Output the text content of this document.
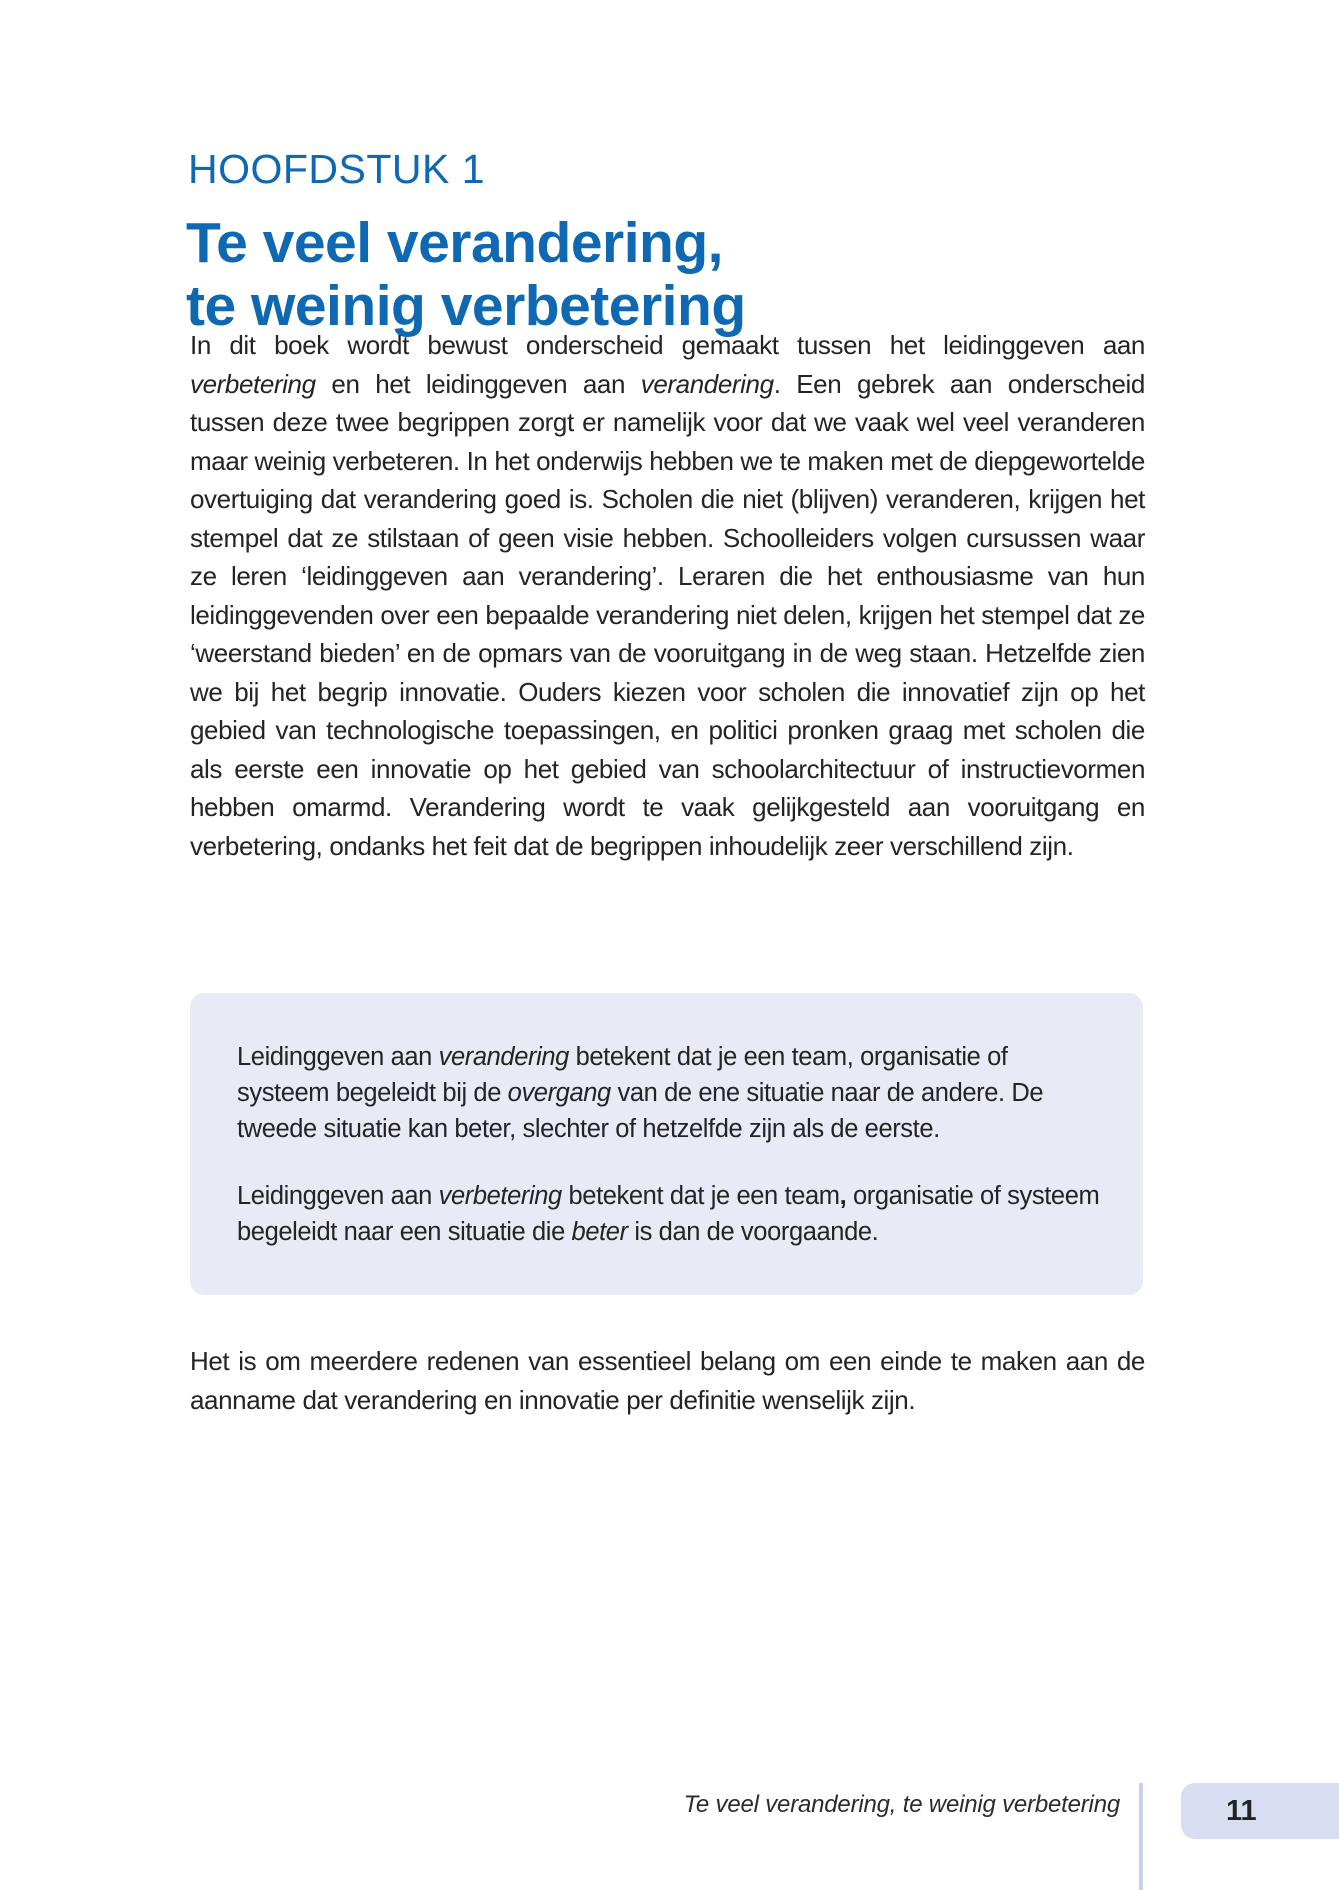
HOOFDSTUK 1
Te veel verandering,
te weinig verbetering

In dit boek wordt bewust onderscheid gemaakt tussen het leidinggeven aan verbetering en het leidinggeven aan verandering. Een gebrek aan onderscheid tussen deze twee begrippen zorgt er namelijk voor dat we vaak wel veel veranderen maar weinig verbeteren. In het onderwijs hebben we te maken met de diepgewortelde overtuiging dat verandering goed is. Scholen die niet (blijven) veranderen, krijgen het stempel dat ze stilstaan of geen visie hebben. Schoolleiders volgen cursussen waar ze leren ‘leidinggeven aan verandering’. Leraren die het enthousiasme van hun leidinggevenden over een bepaalde verandering niet delen, krijgen het stempel dat ze ‘weerstand bieden’ en de opmars van de vooruitgang in de weg staan. Hetzelfde zien we bij het begrip innovatie. Ouders kiezen voor scholen die innovatief zijn op het gebied van technologische toepassingen, en politici pronken graag met scholen die als eerste een innovatie op het gebied van schoolarchitectuur of instructievormen hebben omarmd. Verandering wordt te vaak gelijkgesteld aan vooruitgang en verbetering, ondanks het feit dat de begrippen inhoudelijk zeer verschillend zijn.

Leidinggeven aan verandering betekent dat je een team, organisatie of systeem begeleidt bij de overgang van de ene situatie naar de andere. De tweede situatie kan beter, slechter of hetzelfde zijn als de eerste.

Leidinggeven aan verbetering betekent dat je een team, organisatie of systeem begeleidt naar een situatie die beter is dan de voorgaande.

Het is om meerdere redenen van essentieel belang om een einde te maken aan de aanname dat verandering en innovatie per definitie wenselijk zijn.

Te veel verandering, te weinig verbetering	11
